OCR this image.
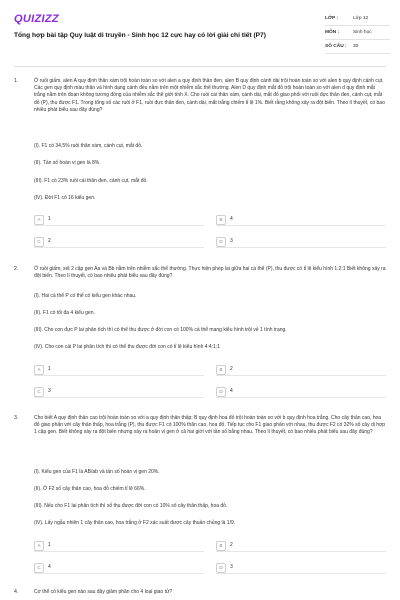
QUIZIZZ
Tổng hợp bài tập Quy luật di truyền - Sinh học 12 cực hay có lời giải chi tiết (P7)
LỚP :	Lớp 12
MÔN :	Sinh học
SỐ CÂU :	30
1.	Ở ruồi giấm, alen A quy định thân xám trội hoàn toàn so với alen a quy định thân đen, alen B quy định cánh dài trội hoàn toàn so với alen b quy định cánh cụt. Các gen quy định màu thân và hình dạng cánh đều nằm trên một nhiễm sắc thể thường. Alen D quy định mắt đỏ trội hoàn toàn so với alen d quy định mắt trắng nằm trên đoạn không tương đồng của nhiễm sắc thể giới tính X. Cho ruồi cái thân xám, cánh dài, mắt đỏ giao phối với ruồi đực thân đen, cánh cụt, mắt đỏ (P), thu được F1. Trong tổng số các ruồi ở F1, ruồi đực thân đen, cánh dài, mắt trắng chiếm tỉ lệ 1%. Biết rằng không xảy ra đột biến. Theo lí thuyết, có bao nhiêu phát biểu sau đây đúng?
(I). F1 có 34,5% ruồi thân xám, cánh cụt, mắt đỏ.
(II). Tần số hoán vị gen là 8%.
(III). F1 có 23% ruồi cái thân đen, cánh cụt, mắt đỏ.
(IV). Đời F1 có 16 kiểu gen.
A	1	B	4
C	2	D	3
2.	Ở ruồi giấm, xét 2 cặp gen Aa và Bb nằm trên nhiễm sắc thể thường. Thực hiện phép lai giữa hai cá thể (P), thu được có tỉ lệ kiểu hình 1:2:1 Biết không xảy ra đột biến. Theo lí thuyết, có bao nhiêu phát biểu sau đây đúng?
(I). Hai cá thể P có thể có kiểu gen khác nhau.
(II). F1 có tối đa 4 kiểu gen.
(III). Cho con đực P lai phân tích thì có thể thu được ở đời con có 100% cá thể mang kiểu hình trội về 1 tính trạng.
(IV). Cho con cái P lai phân tích thì có thể thu được đời con có tỉ lệ kiểu hình 4:4:1:1
A	1	B	2
C	3	D	4
3.	Cho biết A quy định thân cao trội hoàn toàn so với a quy định thân thấp; B quy định hoa đỏ trội hoàn toàn so với b quy định hoa trắng. Cho cây thân cao, hoa đỏ giao phấn với cây thân thấp, hoa trắng (P), thu được F1 có 100% thân cao, hoa đỏ. Tiếp tục cho F1 giao phấn với nhau, thu được F2 có 32% số cây dị hợp 1 cặp gen. Biết không xảy ra đột biến nhưng xảy ra hoán vị gen ở cả hai giới với tần số bằng nhau. Theo lí thuyết, có bao nhiêu phát biểu sau đây đúng?
(I). Kiểu gen của F1 là AB/ab và tần số hoán vị gen 20%.
(II). Ở F2 số cây thân cao, hoa đỏ chiếm tỉ lệ 66%.
(III). Nếu cho F1 lai phân tích thì số thu được đời con có 10% số cây thân thấp, hoa đỏ.
(IV). Lấy ngẫu nhiên 1 cây thân cao, hoa trắng ở F2 xác suất được cây thuần chủng là 1/9.
A	1	B	2
C	4	D	3
4.	Cơ thể có kiểu gen nào sau đây giảm phân cho 4 loại giao tử?
